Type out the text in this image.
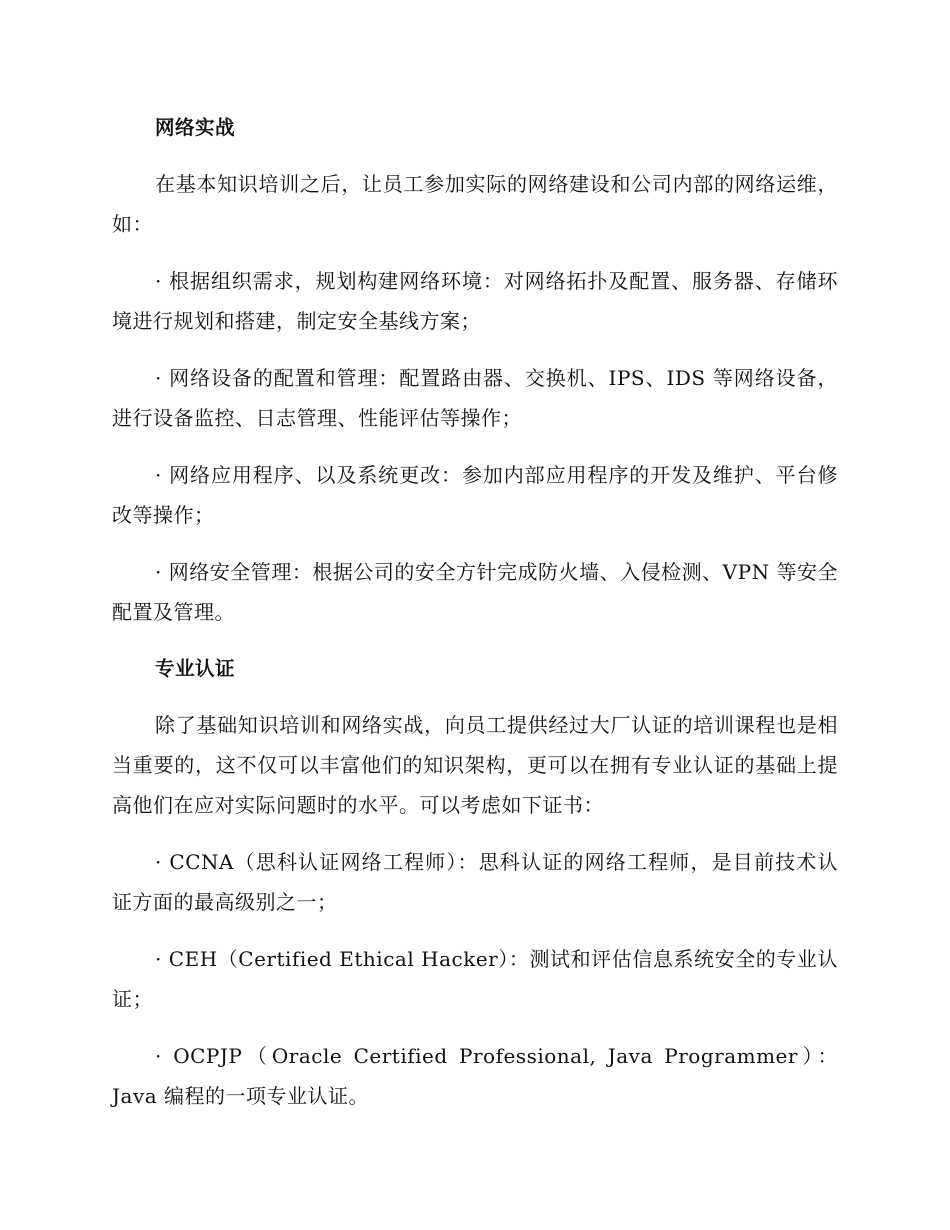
网络实战

在基本知识培训之后，让员工参加实际的网络建设和公司内部的网络运维，如：

· 根据组织需求，规划构建网络环境：对网络拓扑及配置、服务器、存储环境进行规划和搭建，制定安全基线方案；

· 网络设备的配置和管理：配置路由器、交换机、IPS、IDS 等网络设备，进行设备监控、日志管理、性能评估等操作；

· 网络应用程序、以及系统更改：参加内部应用程序的开发及维护、平台修改等操作；

· 网络安全管理：根据公司的安全方针完成防火墙、入侵检测、VPN 等安全配置及管理。

专业认证

除了基础知识培训和网络实战，向员工提供经过大厂认证的培训课程也是相当重要的，这不仅可以丰富他们的知识架构，更可以在拥有专业认证的基础上提高他们在应对实际问题时的水平。可以考虑如下证书：

· CCNA（思科认证网络工程师）：思科认证的网络工程师，是目前技术认证方面的最高级别之一；

· CEH（Certified Ethical Hacker）：测试和评估信息系统安全的专业认证；

· OCPJP（Oracle Certified Professional, Java Programmer）：Java 编程的一项专业认证。
